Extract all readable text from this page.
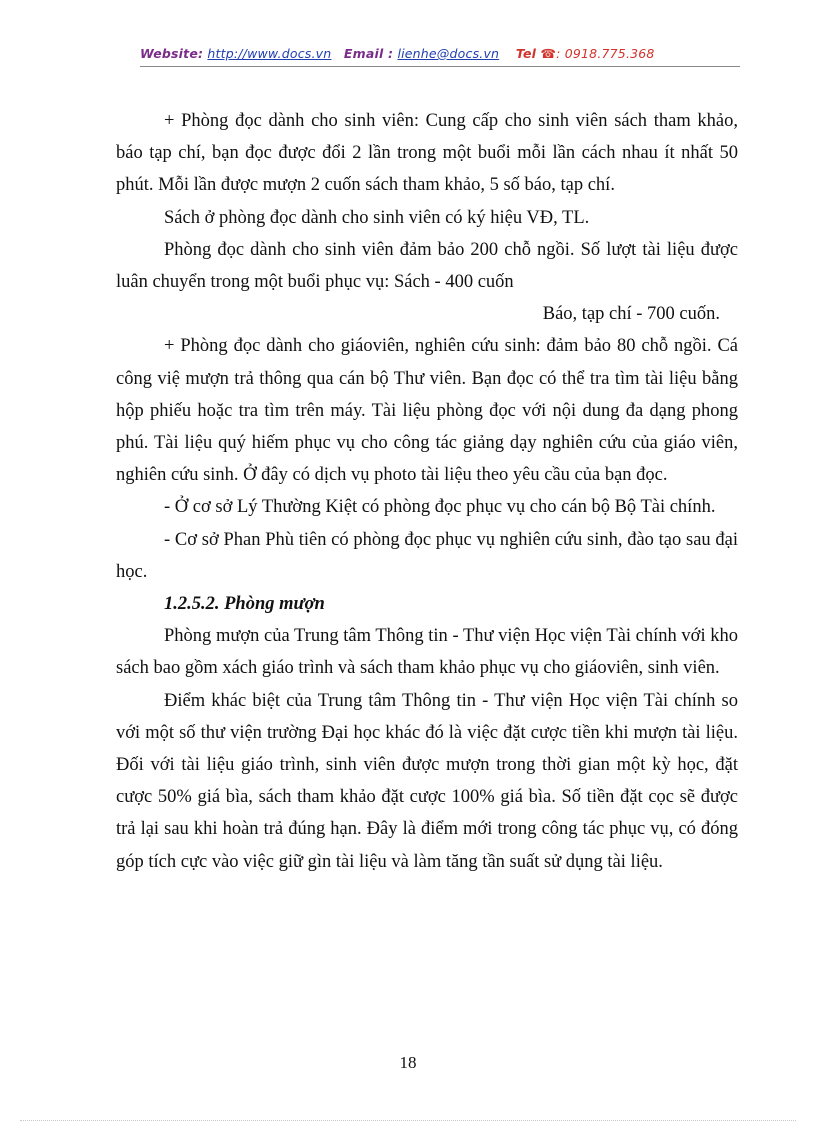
Website: http://www.docs.vn Email : lienhe@docs.vn Tel ☎: 0918.775.368

+ Phòng đọc dành cho sinh viên: Cung cấp cho sinh viên sách tham khảo, báo tạp chí, bạn đọc được đổi 2 lần trong một buổi mỗi lần cách nhau ít nhất 50 phút. Mỗi lần được mượn 2 cuốn sách tham khảo, 5 số báo, tạp chí.

Sách ở phòng đọc dành cho sinh viên có ký hiệu VĐ, TL.

Phòng đọc dành cho sinh viên đảm bảo 200 chỗ ngồi. Số lượt tài liệu được luân chuyển trong một buổi phục vụ: Sách - 400 cuốn

Báo, tạp chí - 700 cuốn.

+ Phòng đọc dành cho giáoviên, nghiên cứu sinh: đảm bảo 80 chỗ ngồi. Cá công việ mượn trả thông qua cán bộ Thư viên. Bạn đọc có thể tra tìm tài liệu bằng hộp phiếu hoặc tra tìm trên máy. Tài liệu phòng đọc với nội dung đa dạng phong phú. Tài liệu quý hiếm phục vụ cho công tác giảng dạy nghiên cứu của giáo viên, nghiên cứu sinh. Ở đây có dịch vụ photo tài liệu theo yêu cầu của bạn đọc.

- Ở cơ sở Lý Thường Kiệt có phòng đọc phục vụ cho cán bộ Bộ Tài chính.

- Cơ sở Phan Phù tiên có phòng đọc phục vụ nghiên cứu sinh, đào tạo sau đại học.

1.2.5.2. Phòng mượn

Phòng mượn của Trung tâm Thông tin - Thư viện Học viện Tài chính với kho sách bao gồm xách giáo trình và sách tham khảo phục vụ cho giáoviên, sinh viên.

Điểm khác biệt của Trung tâm Thông tin - Thư viện Học viện Tài chính so với một số thư viện trường Đại học khác đó là việc đặt cược tiền khi mượn tài liệu. Đối với tài liệu giáo trình, sinh viên được mượn trong thời gian một kỳ học, đặt cược 50% giá bìa, sách tham khảo đặt cược 100% giá bìa. Số tiền đặt cọc sẽ được trả lại sau khi hoàn trả đúng hạn. Đây là điểm mới trong công tác phục vụ, có đóng góp tích cực vào việc giữ gìn tài liệu và làm tăng tần suất sử dụng tài liệu.

18
